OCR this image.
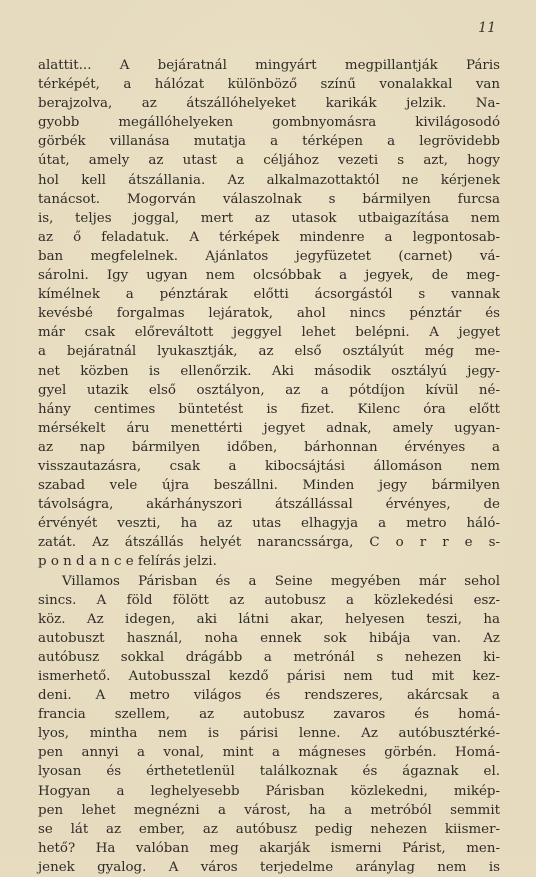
11
alattit... A bejáratnál mingyárt megpillantják Páris
térképét, a hálózat különböző színű vonalakkal van
berajzolva, az átszállóhelyeket karikák jelzik. Na-
gyobb megállóhelyeken gombnyomásra kivilágosodó
görbék villanása mutatja a térképen a legrövidebb
útat, amely az utast a céljához vezeti s azt, hogy
hol kell átszállania. Az alkalmazottaktól ne kérjenek
tanácsot. Mogorván válaszolnak s bármilyen furcsa
is, teljes joggal, mert az utasok utbaigazítása nem
az ő feladatuk. A térképek mindenre a legpontosab-
ban megfelelnek. Ajánlatos jegyfüzetet (carnet) vá-
sárolni. Igy ugyan nem olcsóbbak a jegyek, de meg-
kímélnek a pénztárak előtti ácsorgástól s vannak
kevésbé forgalmas lejáratok, ahol nincs pénztár és
már csak előreváltott jeggyel lehet belépni. A jegyet
a bejáratnál lyukasztják, az első osztályút még me-
net közben is ellenőrzik. Aki második osztályú jegy-
gyel utazik első osztályon, az a pótdíjon kívül né-
hány centimes büntetést is fizet. Kilenc óra előtt
mérsékelt áru menettérti jegyet adnak, amely ugyan-
az nap bármilyen időben, bárhonnan érvényes a
visszautazásra, csak a kibocsájtási állomáson nem
szabad vele újra beszállni. Minden jegy bármilyen
távolságra, akárhányszori átszállással érvényes, de
érvényét veszti, ha az utas elhagyja a metro háló-
zatát. Az átszállás helyét narancssárga, C o r r e s-
p o n d a n c e felírás jelzi.
Villamos Párisban és a Seine megyében már sehol
sincs. A föld fölött az autobusz a közlekedési esz-
köz. Az idegen, aki látni akar, helyesen teszi, ha
autobuszt használ, noha ennek sok hibája van. Az
autóbusz sokkal drágább a metrónál s nehezen ki-
ismerhető. Autobusszal kezdő párisi nem tud mit kez-
deni. A metro világos és rendszeres, akárcsak a
francia szellem, az autobusz zavaros és homá-
lyos, mintha nem is párisi lenne. Az autóbusztérké-
pen annyi a vonal, mint a mágneses görbén. Homá-
lyosan és érthetetlenül találkoznak és ágaznak el.
Hogyan a leghelyesebb Párisban közlekedni, mikép-
pen lehet megnézni a várost, ha a metróból semmit
se lát az ember, az autóbusz pedig nehezen kiismer-
hető? Ha valóban meg akarják ismerni Párist, men-
jenek gyalog. A város terjedelme aránylag nem is
